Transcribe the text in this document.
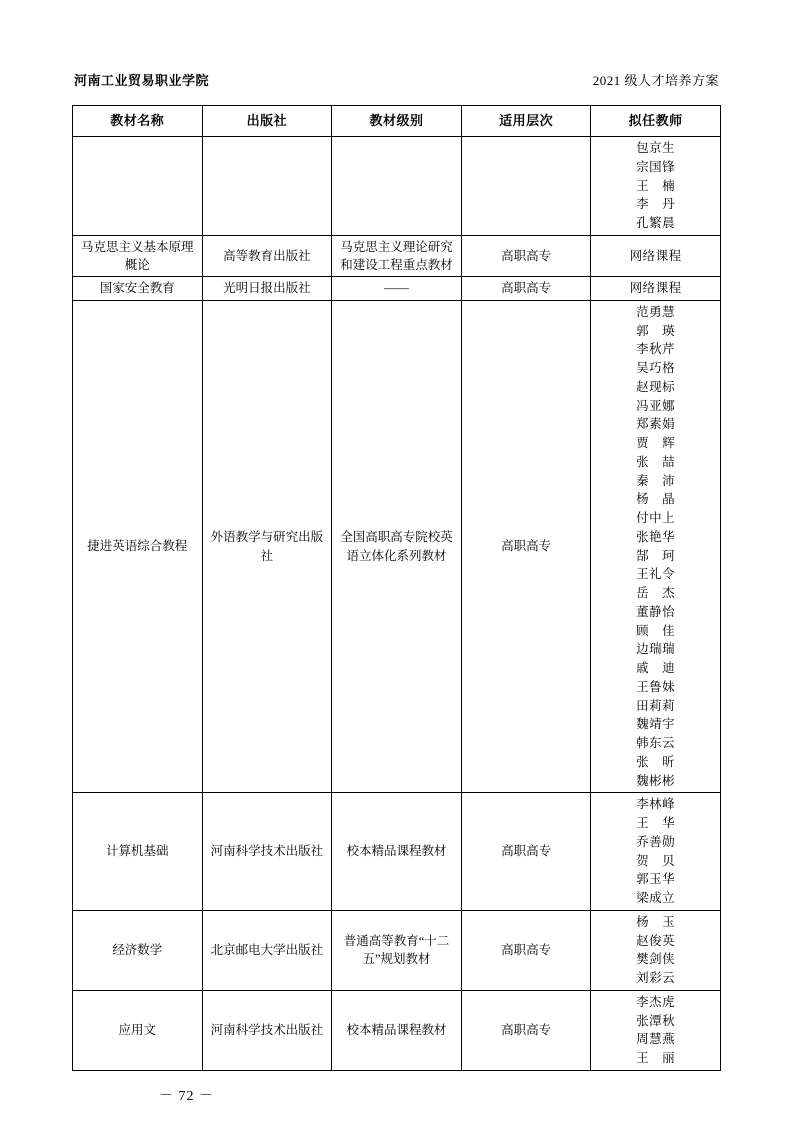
河南工业贸易职业学院	2021 级人才培养方案
教材名称	出版社	教材级别	适用层次	拟任教师

				包京生
宗国锋
王　楠
李　丹
孔繁晨

马克思主义基本原理概论	高等教育出版社	马克思主义理论研究和建设工程重点教材	高职高专	网络课程

国家安全教育	光明日报出版社	——	高职高专	网络课程

捷进英语综合教程	外语教学与研究出版社	全国高职高专院校英语立体化系列教材	高职高专	
范勇慧
郭　瑛
李秋芹
吴巧格
赵现标
冯亚娜
郑素娟
贾　辉
张　喆
秦　沛
杨　晶
付中上
张艳华
郜　珂
王礼令
岳　杰
董静怡
顾　佳
边瑞瑞
戚　迪
王鲁妹
田莉莉
魏靖宇
韩东云
张　昕
魏彬彬

计算机基础	河南科学技术出版社	校本精品课程教材	高职高专	
李林峰
王　华
乔善勋
贺　贝
郭玉华
梁成立

经济数学	北京邮电大学出版社	普通高等教育“十二五”规划教材	高职高专	杨　玉
赵俊英
樊剑侠
刘彩云

应用文	河南科学技术出版社	校本精品课程教材	高职高专	李杰虎
张潭秋
周慧燕
王　丽
－ 72 －
